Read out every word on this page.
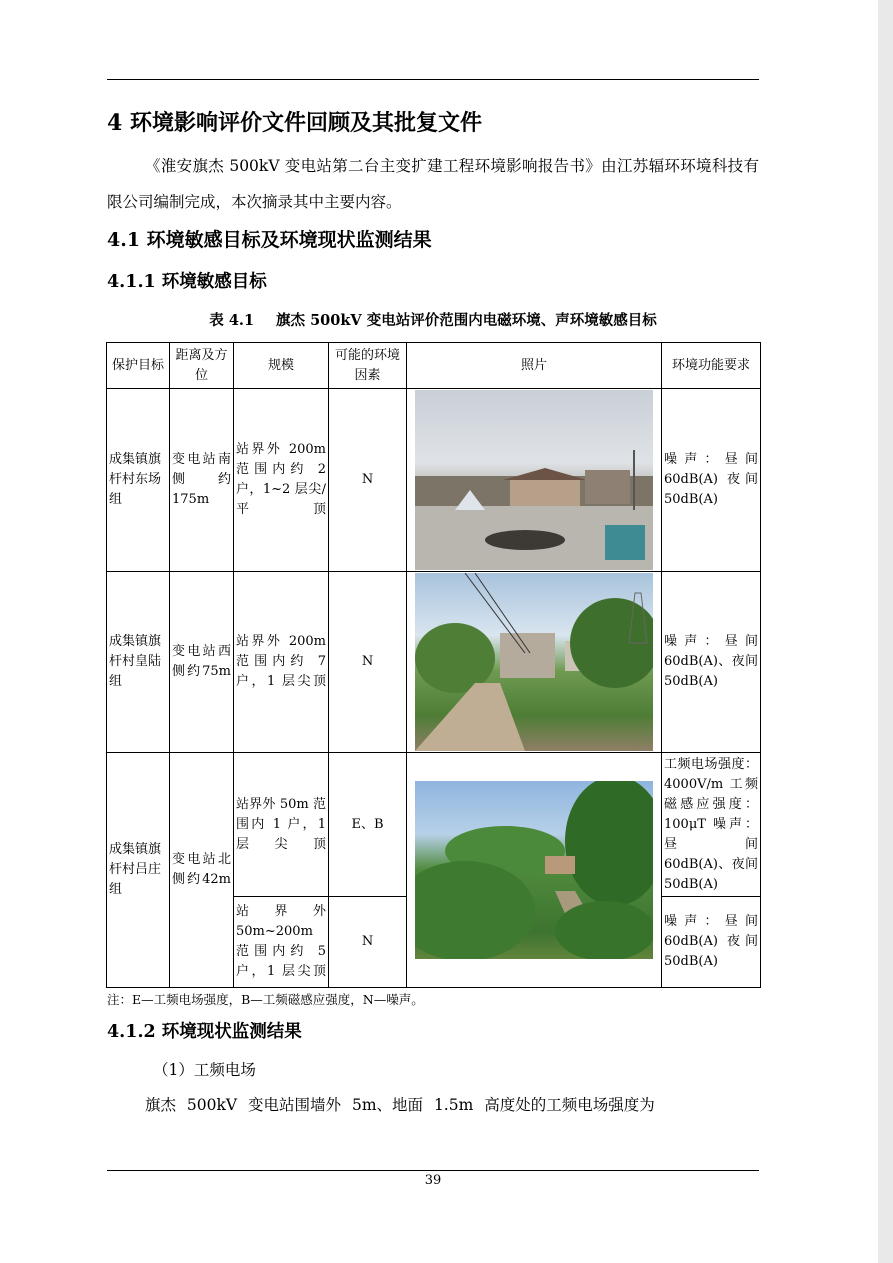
4 环境影响评价文件回顾及其批复文件
《淮安旗杰 500kV 变电站第二台主变扩建工程环境影响报告书》由江苏辐环环境科技有限公司编制完成，本次摘录其中主要内容。
4.1 环境敏感目标及环境现状监测结果
4.1.1 环境敏感目标
表 4.1 旗杰 500kV 变电站评价范围内电磁环境、声环境敏感目标
保护目标	距离及方位	规模	可能的环境因素	照片	环境功能要求
成集镇旗杆村东场组	变电站南侧约175m	站界外 200m 范围内约 2 户，1~2 层尖/平顶	N		噪声：昼间 60dB(A) 夜间 50dB(A)
成集镇旗杆村皇陆组	变电站西侧约75m	站界外 200m 范围内约 7 户，1 层尖顶	N		噪声：昼间 60dB(A)、夜间 50dB(A)
成集镇旗杆村吕庄组	变电站北侧约42m	站界外 50m 范围内 1 户，1 层尖顶	E、B		工频电场强度：4000V/m 工频磁感应强度：100μT 噪声：昼间 60dB(A)、夜间 50dB(A)
		站界外 50m~200m 范围内约 5 户，1 层尖顶	N		噪声：昼间 60dB(A) 夜间 50dB(A)
注：E—工频电场强度，B—工频磁感应强度，N—噪声。
4.1.2 环境现状监测结果
（1）工频电场
旗杰 500kV 变电站围墙外 5m、地面 1.5m 高度处的工频电场强度为
39
